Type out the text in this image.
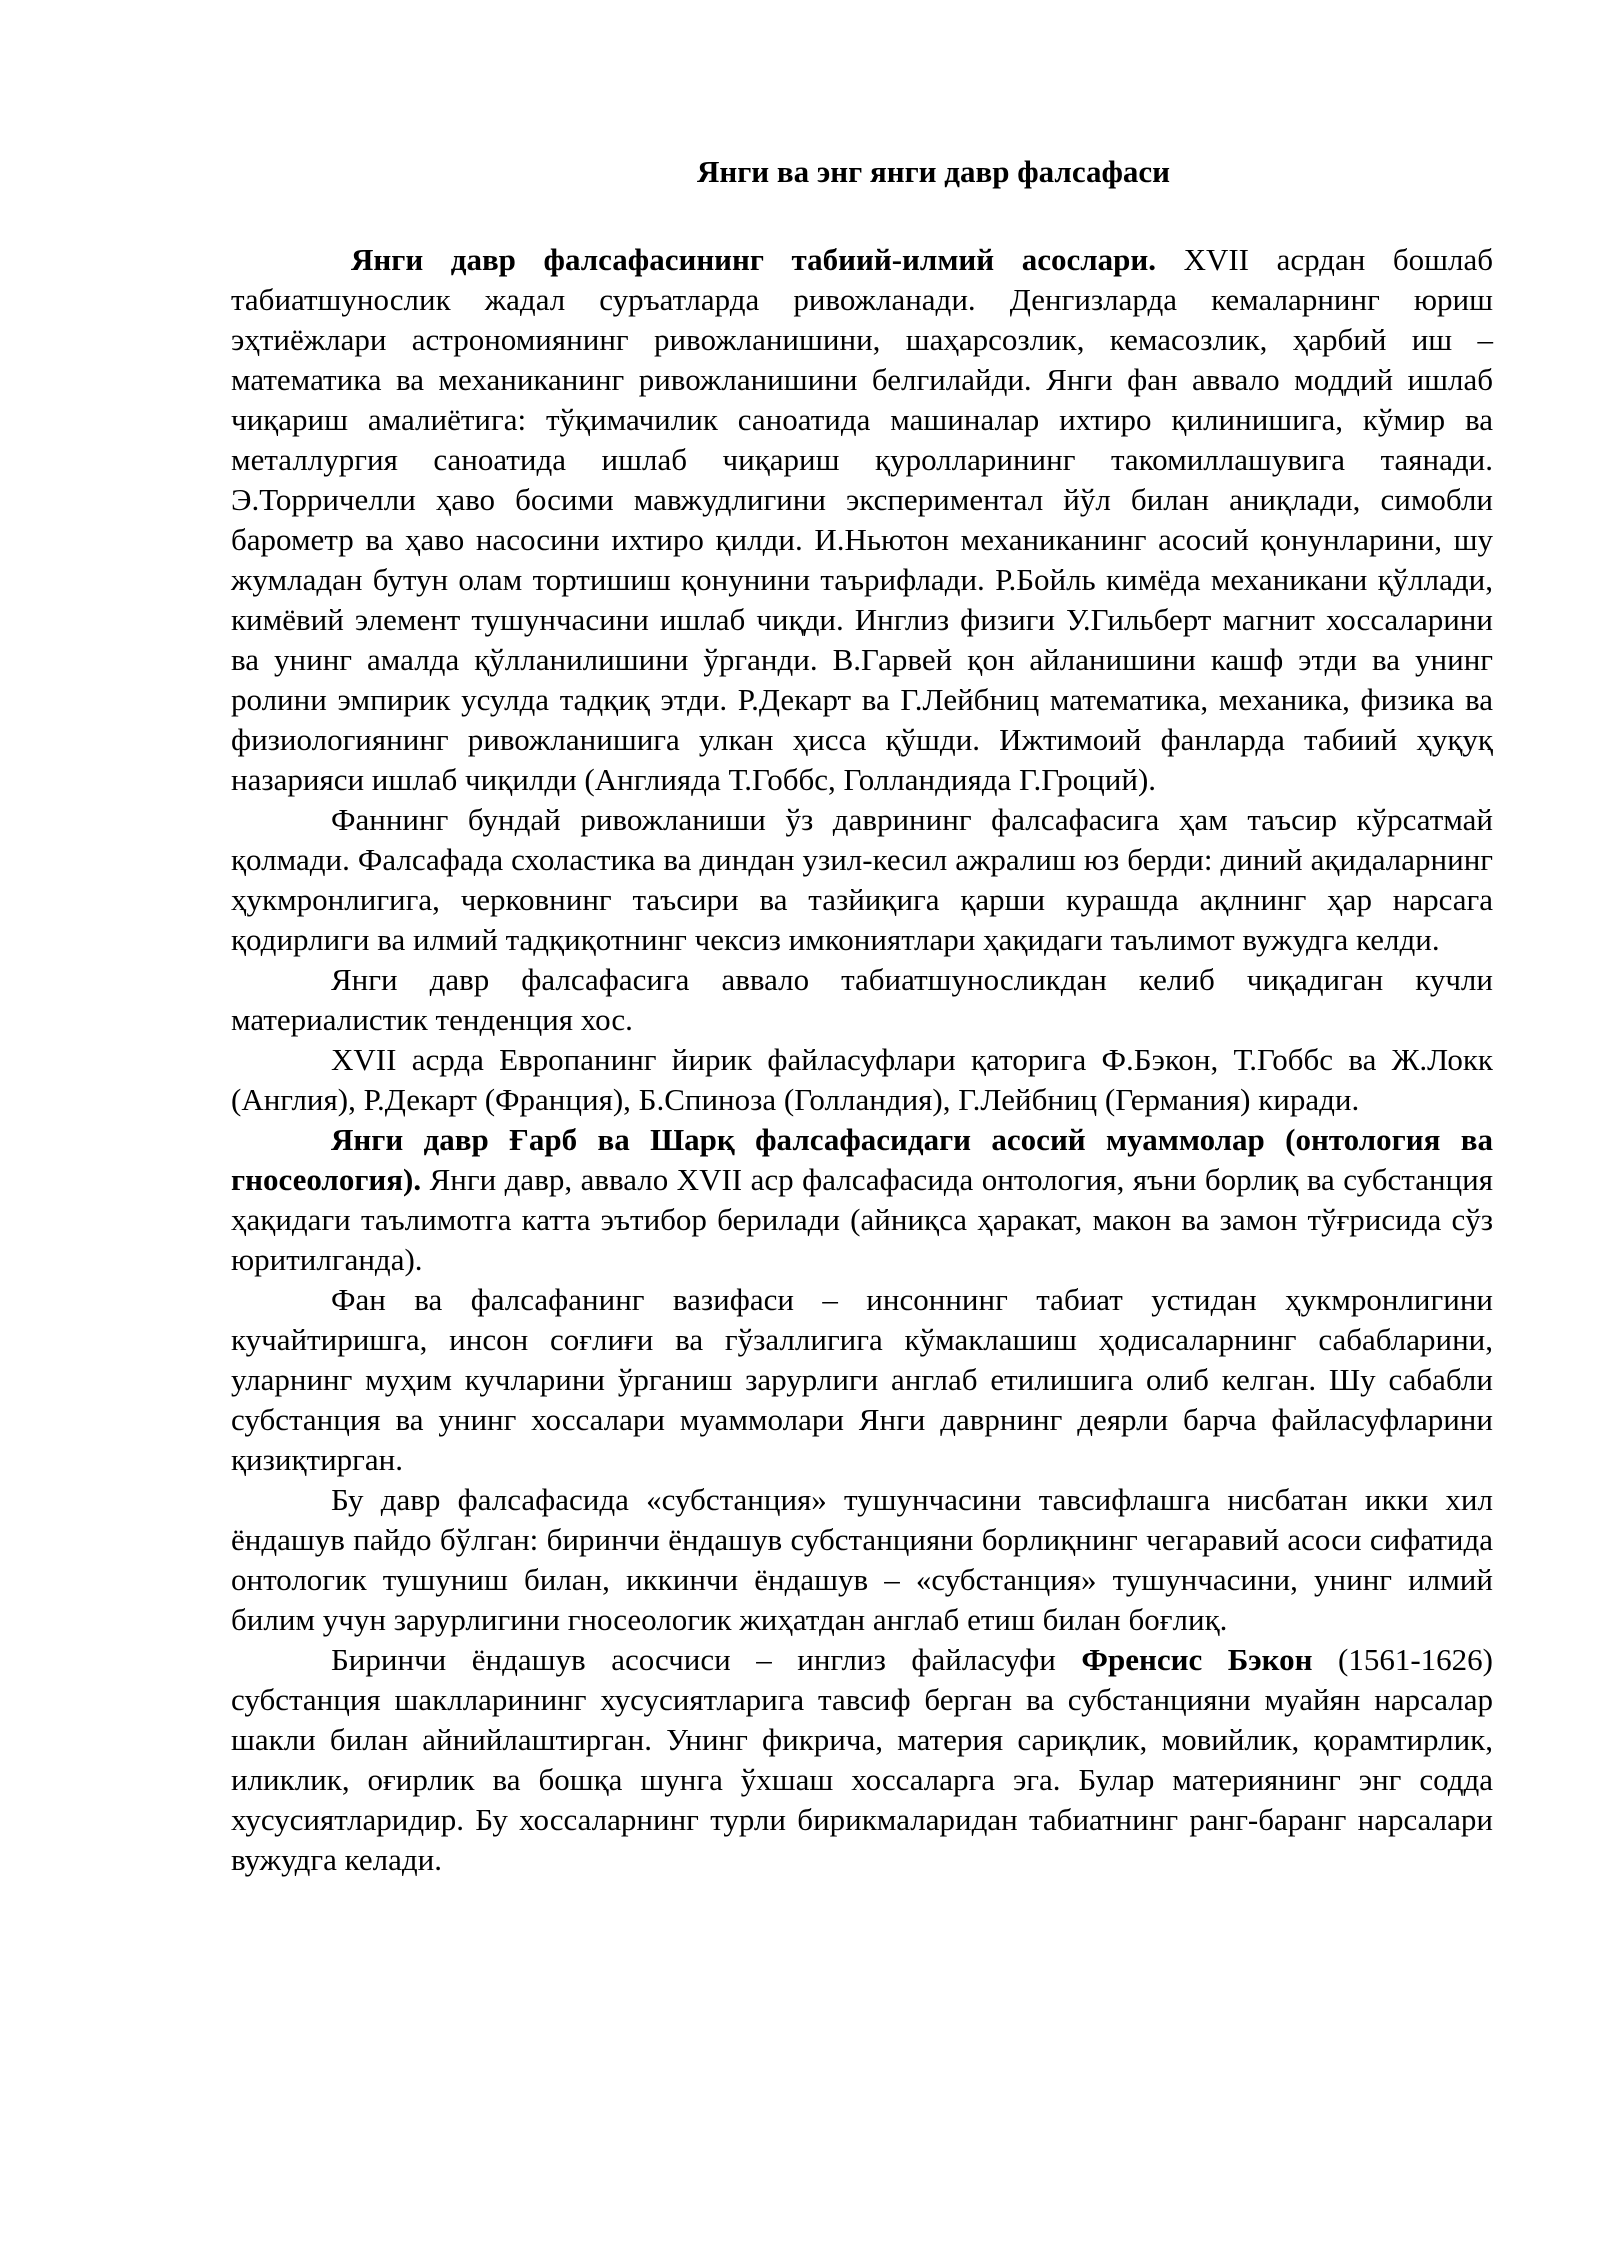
Янги ва энг янги давр фалсафаси

Янги давр фалсафасининг табиий-илмий асослари. XVII асрдан бошлаб табиатшунослик жадал суръатларда ривожланади. Денгизларда кемаларнинг юриш эҳтиёжлари астрономиянинг ривожланишини, шаҳарсозлик, кемасозлик, ҳарбий иш – математика ва механиканинг ривожланишини белгилайди. Янги фан аввало моддий ишлаб чиқариш амалиётига: тўқимачилик саноатида машиналар ихтиро қилинишига, кўмир ва металлургия саноатида ишлаб чиқариш қуролларининг такомиллашувига таянади. Э.Торричелли ҳаво босими мавжудлигини экспериментал йўл билан аниқлади, симобли барометр ва ҳаво насосини ихтиро қилди. И.Ньютон механиканинг асосий қонунларини, шу жумладан бутун олам тортишиш қонунини таърифлади. Р.Бойль кимёда механикани қўллади, кимёвий элемент тушунчасини ишлаб чиқди. Инглиз физиги У.Гильберт магнит хоссаларини ва унинг амалда қўлланилишини ўрганди. В.Гарвей қон айланишини кашф этди ва унинг ролини эмпирик усулда тадқиқ этди. Р.Декарт ва Г.Лейбниц математика, механика, физика ва физиологиянинг ривожланишига улкан ҳисса қўшди. Ижтимоий фанларда табиий ҳуқуқ назарияси ишлаб чиқилди (Англияда Т.Гоббс, Голландияда Г.Гроций).

Фаннинг бундай ривожланиши ўз даврининг фалсафасига ҳам таъсир кўрсатмай қолмади. Фалсафада схоластика ва диндан узил-кесил ажралиш юз берди: диний ақидаларнинг ҳукмронлигига, черковнинг таъсири ва тазйиқига қарши курашда ақлнинг ҳар нарсага қодирлиги ва илмий тадқиқотнинг чексиз имкониятлари ҳақидаги таълимот вужудга келди.

Янги давр фалсафасига аввало табиатшуносликдан келиб чиқадиган кучли материалистик тенденция хос.

XVII асрда Европанинг йирик файласуфлари қаторига Ф.Бэкон, Т.Гоббс ва Ж.Локк (Англия), Р.Декарт (Франция), Б.Спиноза (Голландия), Г.Лейбниц (Германия) киради.

Янги давр Ғарб ва Шарқ фалсафасидаги асосий муаммолар (онтология ва гносеология). Янги давр, аввало XVII аср фалсафасида онтология, яъни борлиқ ва субстанция ҳақидаги таълимотга катта эътибор берилади (айниқса ҳаракат, макон ва замон тўғрисида сўз юритилганда).

Фан ва фалсафанинг вазифаси – инсоннинг табиат устидан ҳукмронлигини кучайтиришга, инсон соғлиғи ва гўзаллигига кўмаклашиш ҳодисаларнинг сабабларини, уларнинг муҳим кучларини ўрганиш зарурлиги англаб етилишига олиб келган. Шу сабабли субстанция ва унинг хоссалари муаммолари Янги даврнинг деярли барча файласуфларини қизиқтирган.

Бу давр фалсафасида «субстанция» тушунчасини тавсифлашга нисбатан икки хил ёндашув пайдо бўлган: биринчи ёндашув субстанцияни борлиқнинг чегаравий асоси сифатида онтологик тушуниш билан, иккинчи ёндашув – «субстанция» тушунчасини, унинг илмий билим учун зарурлигини гносеологик жиҳатдан англаб етиш билан боғлиқ.

Биринчи ёндашув асосчиси – инглиз файласуфи Френсис Бэкон (1561-1626) субстанция шаклларининг хусусиятларига тавсиф берган ва субстанцияни муайян нарсалар шакли билан айнийлаштирган. Унинг фикрича, материя сариқлик, мовийлик, қорамтирлик, иликлик, оғирлик ва бошқа шунга ўхшаш хоссаларга эга. Булар материянинг энг содда хусусиятларидир. Бу хоссаларнинг турли бирикмаларидан табиатнинг ранг-баранг нарсалари вужудга келади.
